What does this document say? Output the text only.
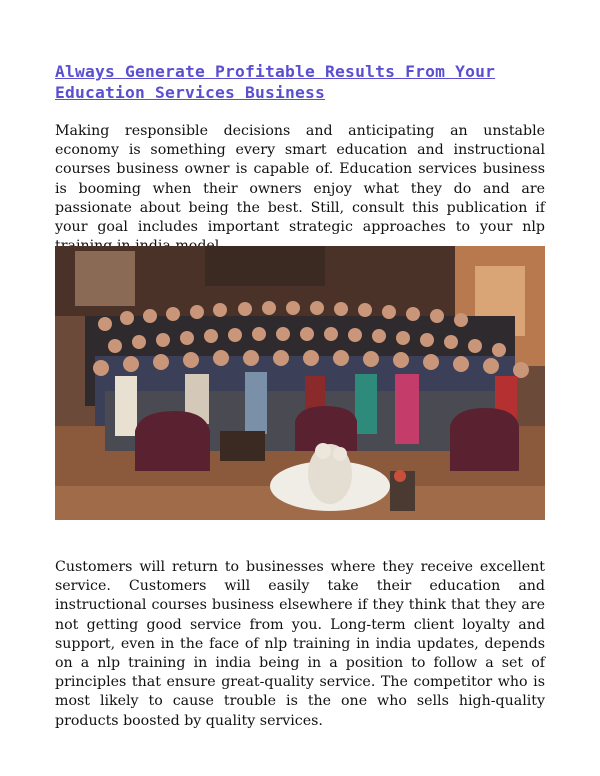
Always Generate Profitable Results From Your Education Services Business

Making responsible decisions and anticipating an unstable economy is something every smart education and instructional courses business owner is capable of. Education services business is booming when their owners enjoy what they do and are passionate about being the best. Still, consult this publication if your goal includes important strategic approaches to your nlp

Customers will return to businesses where they receive excellent service. Customers will easily take their education and instructional courses business elsewhere if they think that they are not getting good service from you. Long-term client loyalty and support, even in the face of nlp training in india updates, depends on a nlp training in india being in a position to follow a set of principles that ensure great-quality service. The competitor who is most likely to cause trouble is the one who sells high-quality products boosted by quality services.
